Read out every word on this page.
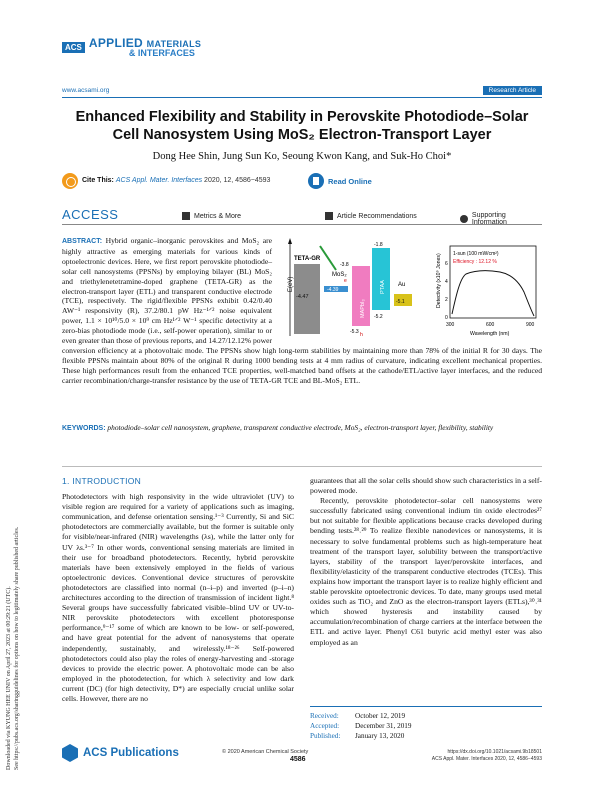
ACS APPLIED MATERIALS
& INTERFACES
www.acsami.org	Research Article
Enhanced Flexibility and Stability in Perovskite Photodiode–Solar Cell Nanosystem Using MoS₂ Electron-Transport Layer
Dong Hee Shin, Jung Sun Ko, Seoung Kwon Kang, and Suk-Ho Choi*
Cite This: ACS Appl. Mater. Interfaces 2020, 12, 4586−4593	Read Online
ACCESS	Metrics & More	Article Recommendations	Supporting Information
E(eV)
TETA-GR
-4.47
MoS₂
-4.39
MAPbI₃
-3.8
PTAA
-1.8
Au
-5.1
-5.3
-5.2
e
h
Detectivity (x10⁹ Jones) 1-sun (100 mW/cm²)
Efficiency : 12.12 %
0
2
4
6
300	600	900
Wavelength (nm)
ABSTRACT: Hybrid organic–inorganic perovskites and MoS₂ are highly attractive as emerging materials for various kinds of optoelectronic devices. Here, we first report perovskite photodiode–solar cell nanosystems (PPSNs) by employing bilayer (BL) MoS₂ and triethylenetetramine-doped graphene (TETA-GR) as the electron-transport layer (ETL) and transparent conductive electrode (TCE), respectively. The rigid/flexible PPSNs exhibit 0.42/0.40 AW⁻¹ responsivity (R), 37.2/80.1 pW Hz⁻¹ᐟ² noise equivalent power, 1.1 × 10¹⁰/5.0 × 10⁹ cm Hz¹ᐟ² W⁻¹ specific detectivity at a zero-bias photodiode mode (i.e., self-power operation), similar to or even greater than those of previous reports, and 14.27/12.12% power conversion efficiency at a photovoltaic mode. The PPSNs show high long-term stabilities by maintaining more than 78% of the initial R for 30 days. The flexible PPSNs maintain about 80% of the original R during 1000 bending tests at 4 mm radius of curvature, indicating excellent mechanical properties. These high performances result from the enhanced TCE properties, well-matched band offsets at the cathode/ETL/active layer interfaces, and the reduced carrier recombination/charge-transfer resistance by the use of TETA-GR TCE and BL-MoS₂ ETL.
KEYWORDS: photodiode–solar cell nanosystem, graphene, transparent conductive electrode, MoS₂, electron-transport layer, flexibility, stability
1. INTRODUCTION

Photodetectors with high responsivity in the wide ultraviolet (UV) to visible region are required for a variety of applications such as imaging, communication, and defense orientation sensing.¹⁻³ Currently, Si and SiC photodetectors are commercially available, but the former is suitable only for visible/near-infrared (NIR) wavelengths (λs), while the latter only for UV λs.³⁻⁷ In other words, conventional sensing materials are limited in their use for broadband photodetectors. Recently, hybrid perovskite materials have been extensively employed in the fields of various optoelectronic devices. Conventional device structures of perovskite photodetectors are classified into normal (n–i–p) and inverted (p–i–n) architectures according to the direction of transmission of incident light.⁸ Several groups have successfully fabricated visible–blind UV or UV-to-NIR perovskite photodetectors with excellent photoresponse performance,⁹⁻¹⁷ some of which are known to be low- or self-powered, and have great potential for the advent of nanosystems that operate independently, sustainably, and wirelessly.¹⁸⁻²⁶ Self-powered photodetectors could also play the roles of energy-harvesting and -storage devices to provide the electric power. A photovoltaic mode can be also employed in the photodetection, for which λ selectivity and low dark current (DC) (for high detectivity, D*) are especially crucial unlike solar cells. However, there are no

guarantees that all the solar cells should show such characteristics in a self-powered mode.

Recently, perovskite photodetector–solar cell nanosystems were successfully fabricated using conventional indium tin oxide electrodes²⁷ but not suitable for flexible applications because cracks developed during bending tests.²⁸˒²⁹ To realize flexible nanodevices or nanosystems, it is necessary to solve fundamental problems such as high-temperature heat treatment of the transport layer, solubility between the transport/active layers, stability of the transport layer/perovskite interfaces, and flexibility/elasticity of the transparent conductive electrodes (TCEs). This explains how important the transport layer is to realize highly efficient and stable perovskite optoelectronic devices. To date, many groups used metal oxides such as TiO₂ and ZnO as the electron-transport layers (ETLs),³⁰˒³¹ which showed hysteresis and instability caused by accumulation/recombination of charge carriers at the interface between the ETL and active layer. Phenyl C61 butyric acid methyl ester was also employed as an

Received:	October 12, 2019
Accepted:	December 31, 2019
Published:	January 13, 2020
Downloaded via KYUNG HEE UNIV on April 27, 2023 at 00:29:21 (UTC). See https://pubs.acs.org/sharingguidelines for options on how to legitimately share published articles.	ACS Publications	© 2020 American Chemical Society
4586
https://dx.doi.org/10.1021/acsami.9b18501
ACS Appl. Mater. Interfaces 2020, 12, 4586−4593
